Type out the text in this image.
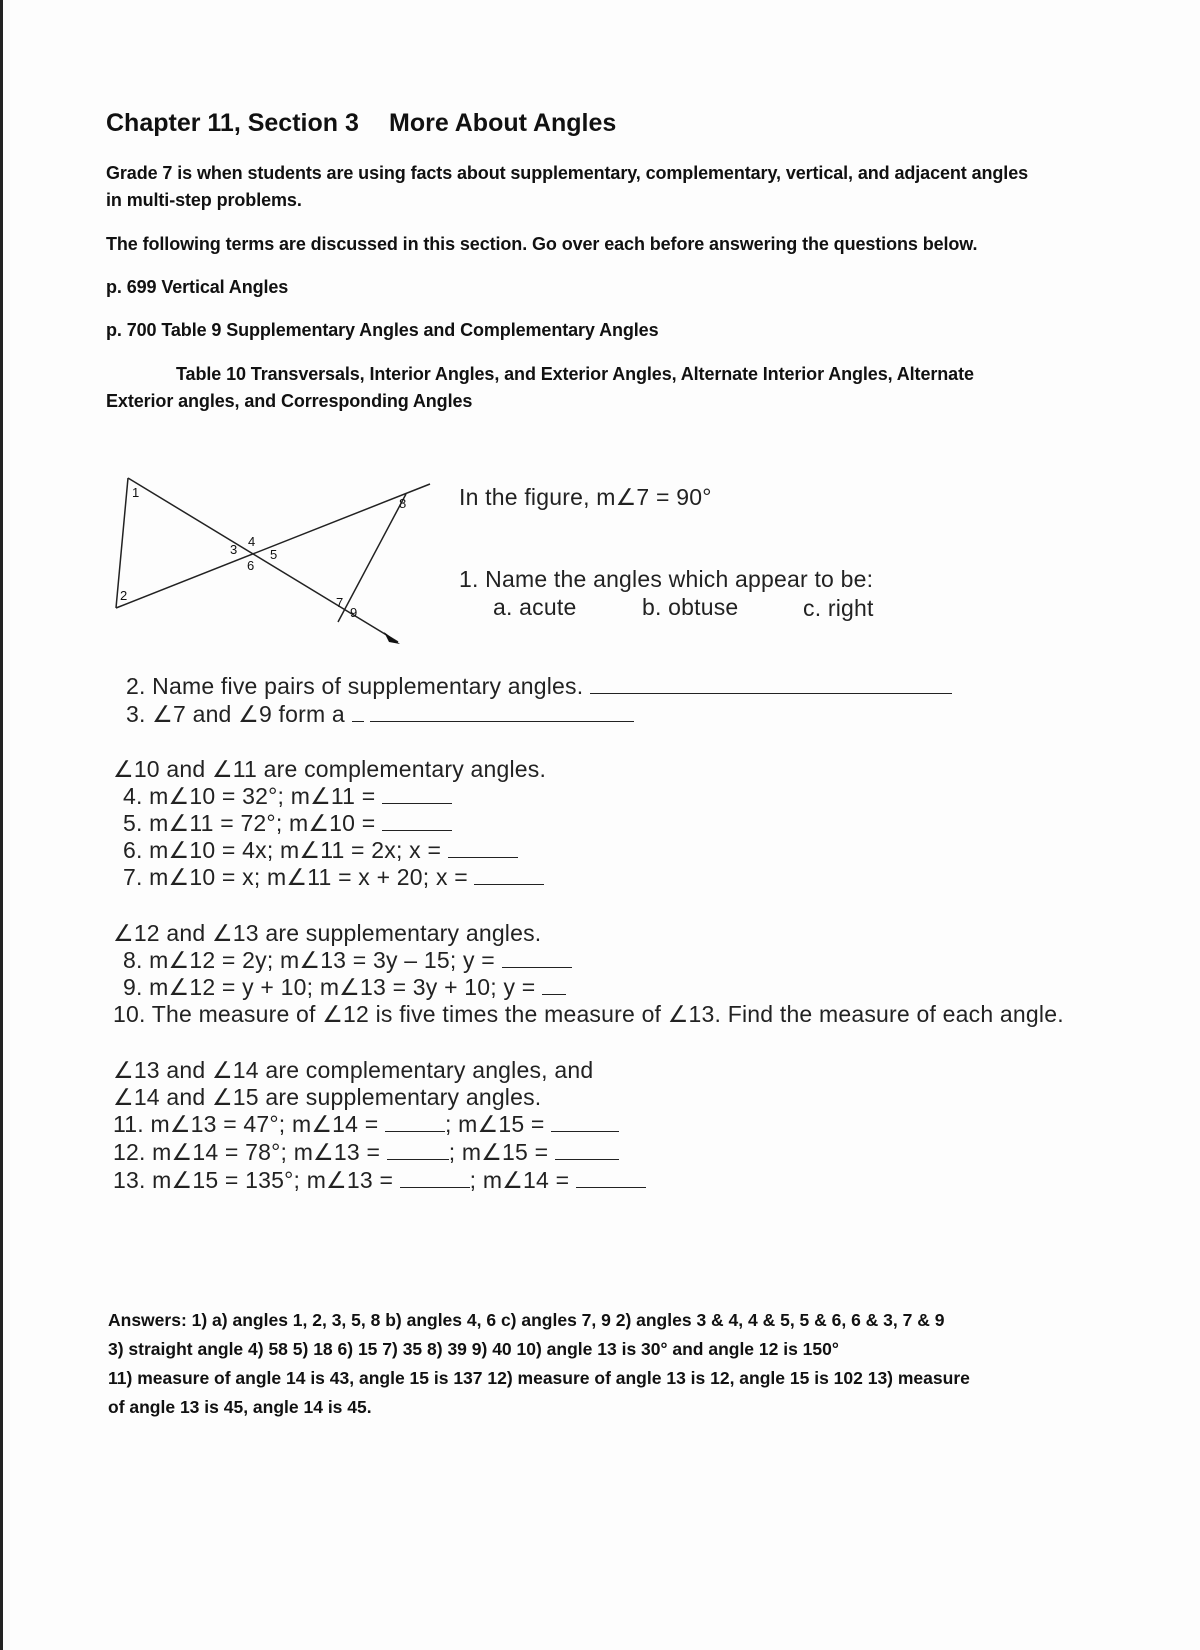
Chapter 11, Section 3 More About Angles
Grade 7 is when students are using facts about supplementary, complementary, vertical, and adjacent angles
in multi-step problems.
The following terms are discussed in this section. Go over each before answering the questions below.
p. 699 Vertical Angles
p. 700 Table 9 Supplementary Angles and Complementary Angles
Table 10 Transversals, Interior Angles, and Exterior Angles, Alternate Interior Angles, Alternate
Exterior angles, and Corresponding Angles
1
2
3
4
5
6
7
8
9
In the figure, m∠7 = 90°
1. Name the angles which appear to be:
a. acute	b. obtuse	c. right
2. Name five pairs of supplementary angles.
3. ∠7 and ∠9 form a
∠10 and ∠11 are complementary angles.
4. m∠10 = 32°; m∠11 =
5. m∠11 = 72°; m∠10 =
6. m∠10 = 4x; m∠11 = 2x; x =
7. m∠10 = x; m∠11 = x + 20; x =
∠12 and ∠13 are supplementary angles.
8. m∠12 = 2y; m∠13 = 3y – 15; y =
9. m∠12 = y + 10; m∠13 = 3y + 10; y =
10. The measure of ∠12 is five times the measure of ∠13. Find the measure of each angle.
∠13 and ∠14 are complementary angles, and
∠14 and ∠15 are supplementary angles.
11. m∠13 = 47°; m∠14 =	; m∠15 =
12. m∠14 = 78°; m∠13 =	; m∠15 =
13. m∠15 = 135°; m∠13 =	; m∠14 =
Answers: 1) a) angles 1, 2, 3, 5, 8 b) angles 4, 6 c) angles 7, 9 2) angles 3 & 4, 4 & 5, 5 & 6, 6 & 3, 7 & 9
3) straight angle 4) 58 5) 18 6) 15 7) 35 8) 39 9) 40 10) angle 13 is 30° and angle 12 is 150°
11) measure of angle 14 is 43, angle 15 is 137 12) measure of angle 13 is 12, angle 15 is 102 13) measure
of angle 13 is 45, angle 14 is 45.
